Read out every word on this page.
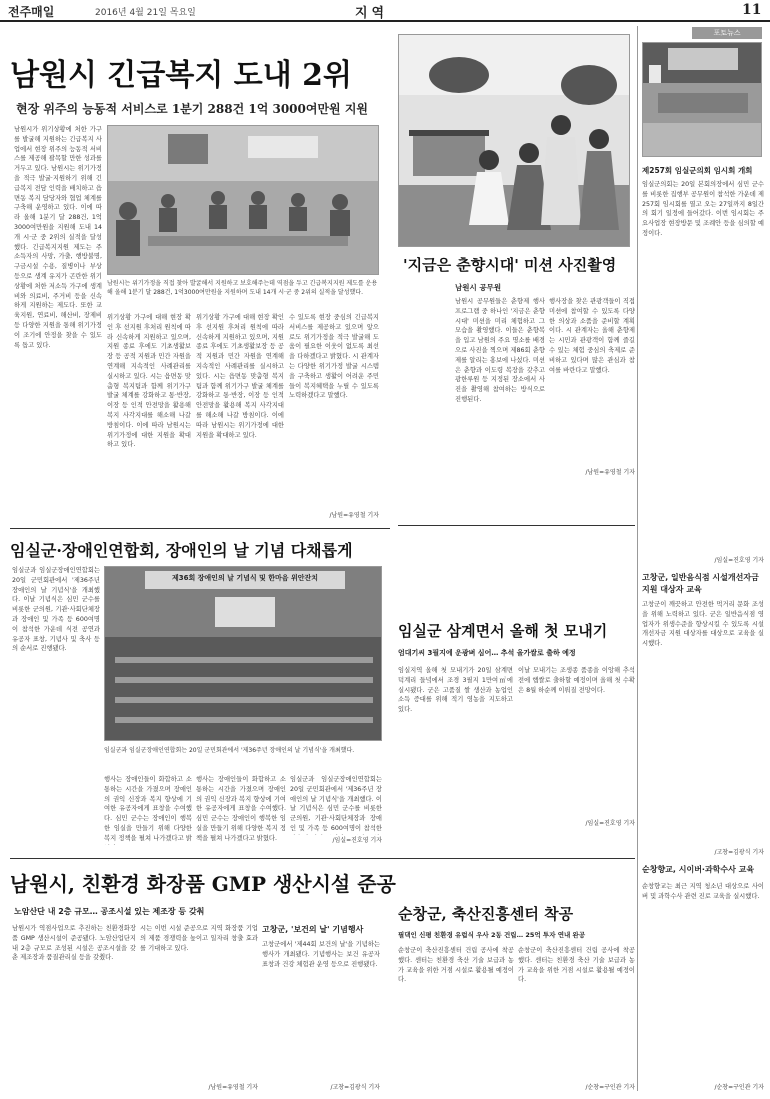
전주매일	2016년 4월 21일 목요일	지역	11
남원시 긴급복지 도내 2위
현장 위주의 능동적 서비스로 1분기 288건 1억 3000여만원 지원
남원시가 위기상황에 처한 가구를 발굴해 지원하는 긴급복지 사업에서 현장 위주의 능동적 서비스를 제공해 괄목할 만한 성과를 거두고 있다. 남원시는 위기가정을 적극 발굴·지원하기 위해 긴급복지 전담 인력을 배치하고 읍면동 복지 담당자와 협업 체계를 구축해 운영하고 있다. 이에 따라 올해 1분기 달 288건, 1억3000여만원을 지원해 도내 14개 시·군 중 2위의 실적을 달성했다. 긴급복지지원 제도는 주 소득자의 사망, 가출, 행방불명, 구금시설 수용, 질병이나 부상 등으로 생계 유지가 곤란한 위기상황에 처한 저소득 가구에 생계비와 의료비, 주거비 등을 신속하게 지원하는 제도다. 또한 교육지원, 연료비, 해산비, 장제비 등 다양한 지원을 통해 위기가정이 조기에 안정을 찾을 수 있도록 돕고 있다.
남원시는 위기가정을 직접 찾아 발굴해서 지원하고 보호해주는데 역점을 두고 긴급복지지원 제도를 운용해 올해 1분기 달 288건, 1억3000여만원을 지원하며 도내 14개 시·군 중 2위의 실적을 달성했다.
위기상황 가구에 대해 현장 확인 후 선지원 후처리 원칙에 따라 신속하게 지원하고 있으며, 지원 종료 후에도 기초생활보장 등 공적 지원과 민간 자원을 연계해 지속적인 사례관리를 실시하고 있다. 시는 읍면동 맞춤형 복지팀과 함께 위기가구 발굴 체계를 강화하고 통·반장, 이장 등 인적 안전망을 활용해 복지 사각지대를 해소해 나갈 방침이다. 이에 따라 남원시는 위기가정에 대한 지원을 확대하고 있다.
위기상황 가구에 대해 현장 확인 후 선지원 후처리 원칙에 따라 신속하게 지원하고 있으며, 지원 종료 후에도 기초생활보장 등 공적 지원과 민간 자원을 연계해 지속적인 사례관리를 실시하고 있다. 시는 읍면동 맞춤형 복지팀과 함께 위기가구 발굴 체계를 강화하고 통·반장, 이장 등 인적 안전망을 활용해 복지 사각지대를 해소해 나갈 방침이다. 이에 따라 남원시는 위기가정에 대한 지원을 확대하고 있다.
수 있도록 현장 중심의 긴급복지 서비스를 제공하고 있으며 앞으로도 위기가정을 적극 발굴해 도움이 필요한 이웃이 없도록 최선을 다하겠다고 밝혔다. 시 관계자는 다양한 위기가정 발굴 시스템을 구축하고 생활이 어려운 주민들이 복지혜택을 누릴 수 있도록 노력하겠다고 말했다.
/남원=유영철 기자
'지금은 춘향시대' 미션 사진촬영
남원시 공무원
남원시 공무원들은 춘향제 행사 프로그램 중 하나인 '지금은 춘향시대' 미션을 미리 체험하고 그 모습을 촬영했다. 이들은 춘향복을 입고 남원의 주요 명소를 배경으로 사진을 찍으며 제86회 춘향제를 알리는 홍보에 나섰다. 미션은 춘향과 이도령 복장을 갖추고 광한루원 등 지정된 장소에서 사진을 촬영해 참여하는 방식으로 진행된다.
행사장을 찾은 관광객들이 직접 미션에 참여할 수 있도록 다양한 의상과 소품을 준비할 계획이다. 시 관계자는 올해 춘향제는 시민과 관광객이 함께 즐길 수 있는 체험 중심의 축제로 준비하고 있다며 많은 관심과 참여를 바란다고 말했다.
/남원=유영철 기자
포토뉴스
제257회 임실군의회 임시회 개회
임실군의회는 20일 본회의장에서 심민 군수를 비롯한 집행부 공무원이 참석한 가운데 제257회 임시회를 열고 오는 27일까지 8일간의 회기 일정에 들어갔다. 이번 임시회는 주요사업장 현장방문 및 조례안 등을 심의할 예정이다.
/임실=진호영 기자
고창군, 일반음식점 시설개선자금 지원 대상자 교육
고창군이 깨끗하고 안전한 먹거리 문화 조성을 위해 노력하고 있다. 군은 일반음식점 영업자가 위생수준을 향상시킬 수 있도록 시설개선자금 지원 대상자를 대상으로 교육을 실시했다.
/고창=김광식 기자
순창향교, 시이버·과학수사 교육
순창향교는 최근 지역 청소년 대상으로 사이버 및 과학수사 관련 진로 교육을 실시했다.
/순창=구인관 기자
임실군·장애인연합회, 장애인의 날 기념 다채롭게
임실군과 임실군장애인연합회는 20일 군민회관에서 '제36주년 장애인의 날 기념식'을 개최했다. 이날 기념식은 심민 군수를 비롯한 군의원, 기관·사회단체장과 장애인 및 가족 등 600여명이 참석한 가운데 식전 공연과 유공자 표창, 기념사 및 축사 등의 순서로 진행됐다.
제36회 장애인의 날 기념식 및 한마음 위안잔치
임실군과 임실군장애인연합회는 20일 군민회관에서 '제36주년 장애인의 날 기념식'을 개최했다.
행사는 장애인들이 화합하고 소통하는 시간을 가졌으며 장애인의 권익 신장과 복지 향상에 기여한 유공자에게 표창을 수여했다. 심민 군수는 장애인이 행복한 임실을 만들기 위해 다양한 복지 정책을 펼쳐 나가겠다고 밝
행사는 장애인들이 화합하고 소통하는 시간을 가졌으며 장애인의 권익 신장과 복지 향상에 기여한 유공자에게 표창을 수여했다. 심민 군수는 장애인이 행복한 임실을 만들기 위해 다양한 복지 정책을 펼쳐 나가겠다고 밝혔다.
임실군과 임실군장애인연합회는 20일 군민회관에서 '제36주년 장애인의 날 기념식'을 개최했다. 이날 기념식은 심민 군수를 비롯한 군의원, 기관·사회단체장과 장애인 및 가족 등 600여명이 참석한
/임실=진호영 기자
임실군 삼계면서 올해 첫 모내기
엄대기씨 3필지에 운광벼 심어… 추석 올가쌀로 출하 예정
임실지역 올해 첫 모내기가 20일 삼계면 덕계리 들녘에서 조경 3필지 1만여㎡에 실시됐다. 군은 고품질 쌀 생산과 농업인 소득 증대를 위해 적기 영농을 지도하고 있다.
이날 모내기는 조생종 품종을 이앙해 추석 전에 햅쌀로 출하할 예정이며 올해 첫 수확은 8월 하순께 이뤄질 전망이다.
/임실=진호영 기자
남원시, 친환경 화장품 GMP 생산시설 준공
노암산단 내 2층 규모… 공조시설 있는 제조장 등 갖춰
남원시가 역점사업으로 추진하는 친환경화장품 GMP 생산시설이 준공됐다. 노암산업단지 내 2층 규모로 조성된 시설은 공조시설을 갖춘 제조장과 품질관리실 등을 갖췄다.
시는 이번 시설 준공으로 지역 화장품 기업의 제품 경쟁력을 높이고 일자리 창출 효과를 기대하고 있다.
/남원=유영철 기자
고창군, '보건의 날' 기념행사
고창군에서 '제44회 보건의 날'을 기념하는 행사가 개최됐다. 기념행사는 보건 유공자 표창과 건강 체험관 운영 등으로 진행됐다.
/고창=김광식 기자
순창군, 축산진흥센터 착공
필댁인 신평 친환경 유럽식 우사 2동 건립… 25억 투자 연내 완공
순창군이 축산진흥센터 건립 공사에 착공했다. 센터는 친환경 축산 기술 보급과 농가 교육을 위한 거점 시설로 활용될 예정이다.
순창군이 축산진흥센터 건립 공사에 착공했다. 센터는 친환경 축산 기술 보급과 농가 교육을 위한 거점 시설로 활용될 예정이다.
/순창=구인관 기자
